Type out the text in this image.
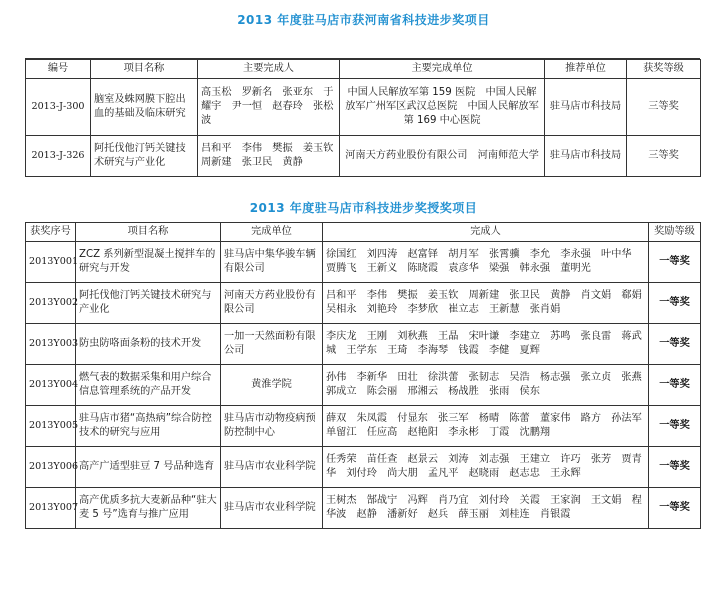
2013 年度驻马店市获河南省科技进步奖项目
编号	项目名称	主要完成人	主要完成单位	推荐单位	获奖等级
2013-J-300	脑室及蛛网膜下腔出血的基础及临床研究	高玉松　罗新名　张亚东　于耀宇　尹一恒　赵春玲　张松波	中国人民解放军第 159 医院　中国人民解放军广州军区武汉总医院　中国人民解放军第 169 中心医院	驻马店市科技局	三等奖
2013-J-326	阿托伐他汀钙关键技术研究与产业化	吕和平　李伟　樊振　姜玉钦　周新建　张卫民　黄静	河南天方药业股份有限公司　河南师范大学	驻马店市科技局	三等奖
2013 年度驻马店市科技进步奖授奖项目
获奖序号	项目名称	完成单位	完成人	奖励等级
2013Y001	ZCZ 系列新型混凝土搅拌车的研究与开发	驻马店中集华骏车辆有限公司	徐国红　刘四涛　赵富铎　胡月军　张霄骥　李允　李永强　叶中华　贾腾飞　王新义　陈晓霞　袁彦华　梁强　韩永强　董明光	一等奖
2013Y002	阿托伐他汀钙关键技术研究与产业化	河南天方药业股份有限公司	吕和平　李伟　樊振　姜玉钦　周新建　张卫民　黄静　肖文娟　郗娟　吴相永　刘艳玲　李梦欣　崔立志　王新慧　张肖娟	一等奖
2013Y003	防虫防咯面条粉的技术开发	一加一天然面粉有限公司	李庆龙　王刚　刘秋燕　王晶　宋叶谦　李建立　苏鸣　张良雷　蒋武城　王学东　王琦　李海琴　钱霞　李健　夏辉	一等奖
2013Y004	燃气表的数据采集和用户综合信息管理系统的产品开发	黄淮学院	孙伟　李新华　田壮　徐洪蕾　张韧志　吴浩　杨志强　张立贞　张燕　郭成立　陈会丽　邢湘云　杨战胜　张雨　侯东	一等奖
2013Y005	驻马店市猪“高热病”综合防控技术的研究与应用	驻马店市动物疫病预防控制中心	薛双　朱凤霞　付显东　张三军　杨晴　陈蕾　董家伟　路方　孙法军　单留江　任应高　赵艳阳　李永彬　丁霞　沈鹏翔	一等奖
2013Y006	高产广适型驻豆 7 号品种选育	驻马店市农业科学院	任秀荣　苗任查　赵景云　刘涛　刘志强　王建立　许巧　张芳　贾青华　刘付玲　尚大朋　孟凡平　赵晓雨　赵志忠　王永辉	一等奖
2013Y007	高产优质多抗大麦新品种“驻大麦 5 号”选育与推广应用	驻马店市农业科学院	王树杰　郜战宁　冯辉　肖乃宜　刘付玲　关霞　王家润　王文娟　程华波　赵静　潘新好　赵兵　薛玉丽　刘桂连　肖银霞	一等奖
